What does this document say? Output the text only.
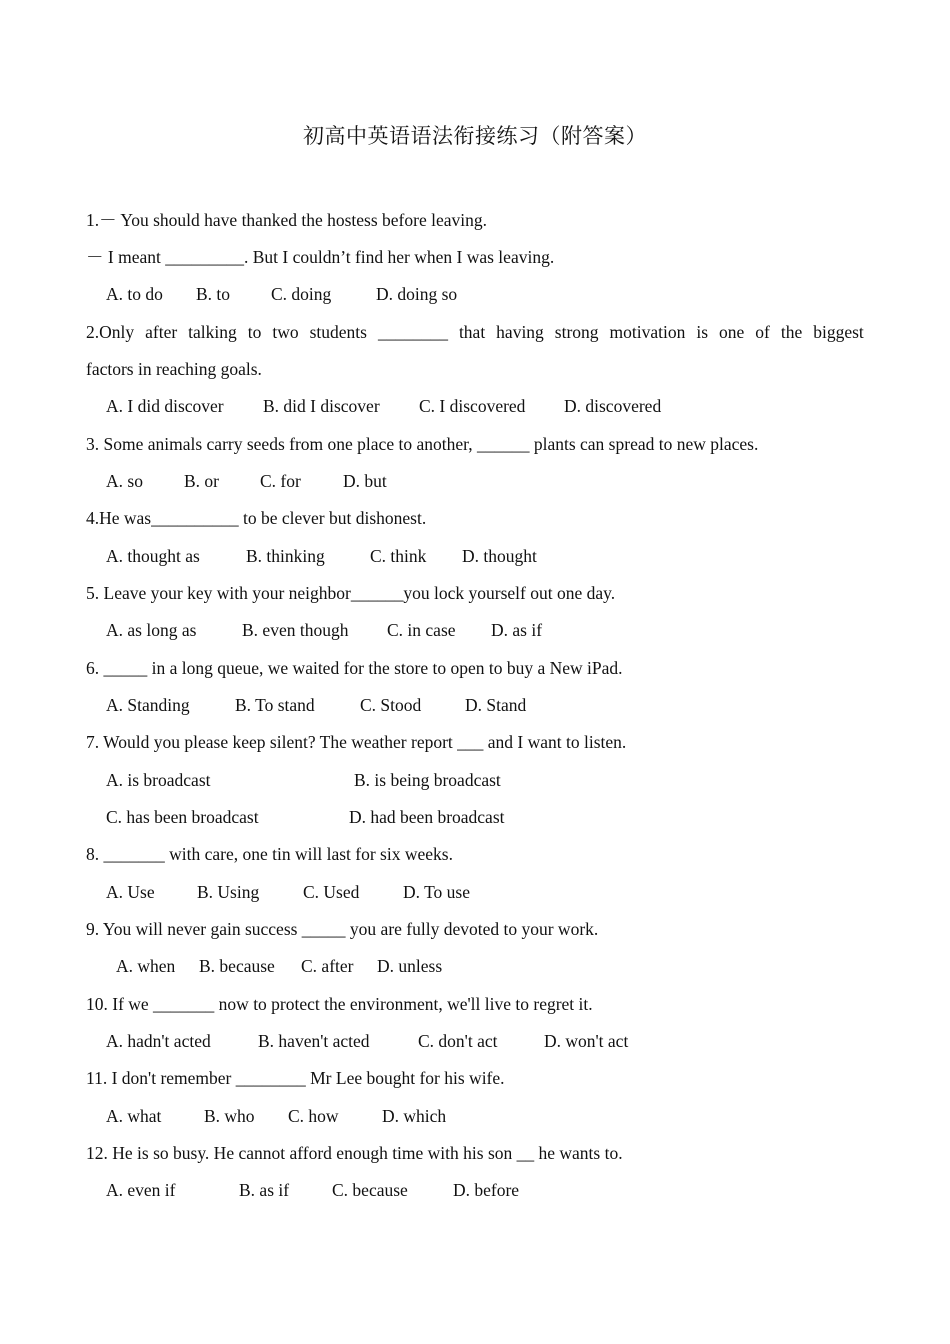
初高中英语语法衔接练习（附答案）
1.－ You should have thanked the hostess before leaving.
－ I meant _________. But I couldn’t find her when I was leaving.
A. to do B. to C. doing	D. doing so
2.Only after talking to two students ________ that having strong motivation is one of the biggest
factors in reaching goals.
A. I did discover B. did I discover C. I discovered D. discovered
3. Some animals carry seeds from one place to another, ______ plants can spread to new places.
A. so B. or C. for D. but
4.He was__________ to be clever but dishonest.
A. thought as	B. thinking	C. think D. thought
5. Leave your key with your neighbor______you lock yourself out one day.
A. as long as	B. even though C. in case D. as if
6. _____ in a long queue, we waited for the store to open to buy a New iPad.
A. Standing	B. To stand	C. Stood D. Stand
7. Would you please keep silent? The weather report ___ and I want to listen.
A. is broadcast	B. is being broadcast
C. has been broadcast	D. had been broadcast
8. _______ with care, one tin will last for six weeks.
A. Use B. Using	C. Used D. To use
9. You will never gain success _____ you are fully devoted to your work.
A. when B. because C. after D. unless
10. If we _______ now to protect the environment, we'll live to regret it.
A. hadn't acted	B. haven't acted	C. don't act	D. won't act
11. I don't remember ________ Mr Lee bought for his wife.
A. what B. who C. how D. which
12. He is so busy. He cannot afford enough time with his son __ he wants to.
A. even if	B. as if C. because	D. before
